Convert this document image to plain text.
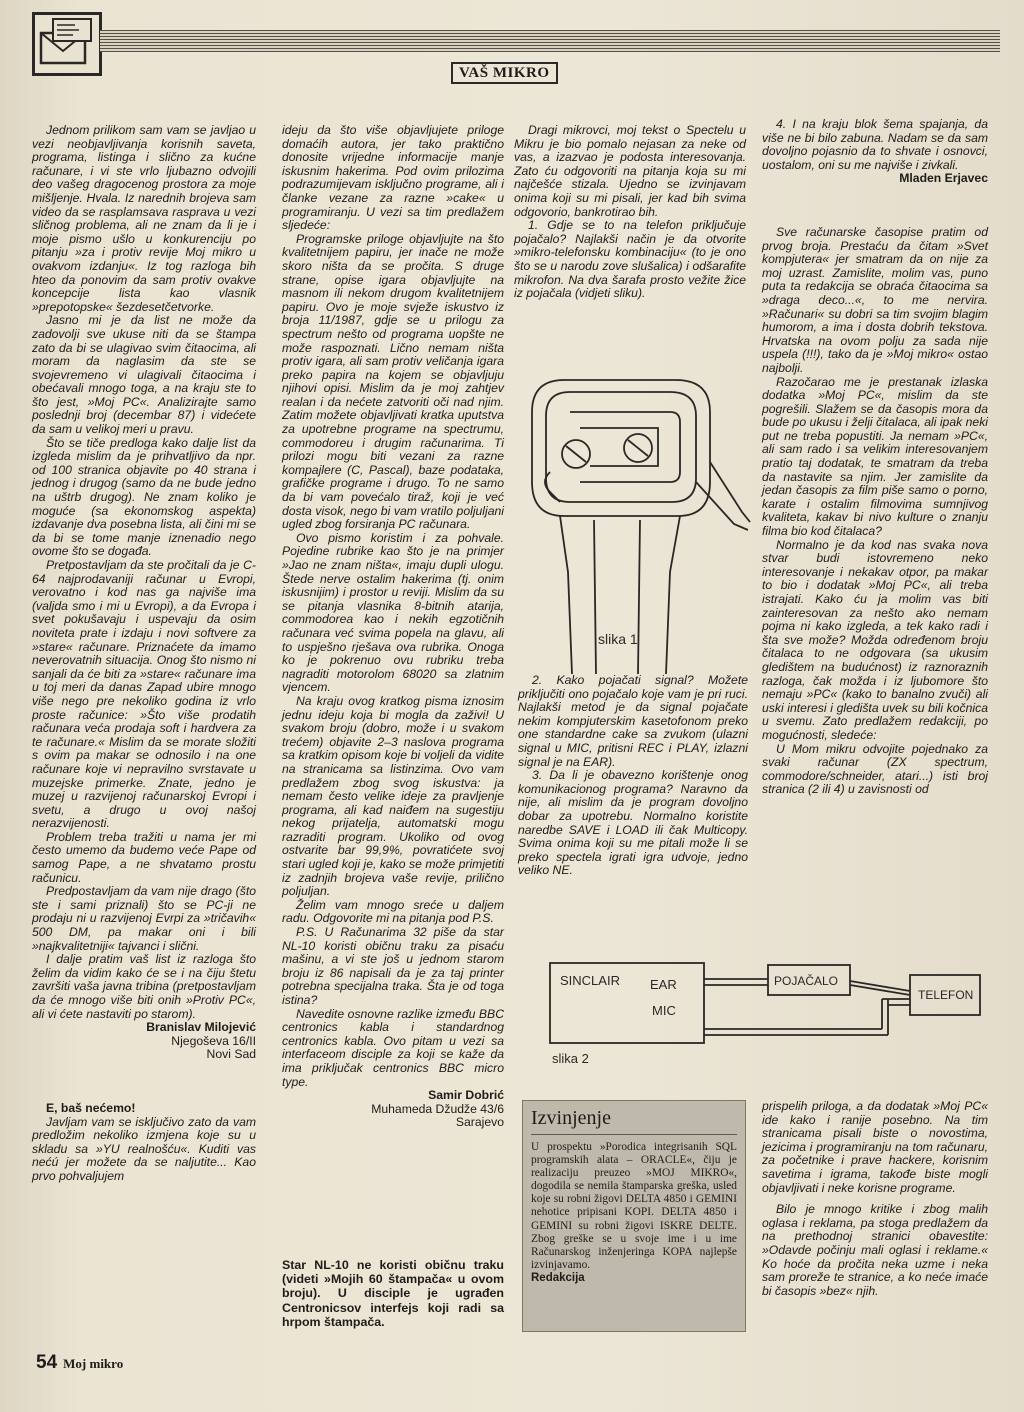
VAŠ MIKRO

Jednom prilikom sam vam se javljao u vezi neobjavljivanja korisnih saveta, programa, listinga i slično za kućne računare, i vi ste vrlo ljubazno odvojili deo vašeg dragocenog prostora za moje mišljenje. Hvala. Iz narednih brojeva sam video da se rasplamsava rasprava u vezi sličnog problema, ali ne znam da li je i moje pismo ušlo u konkurenciju po pitanju »za i protiv revije Moj mikro u ovakvom izdanju«. Iz tog razloga bih hteo da ponovim da sam protiv ovakve koncepcije lista kao vlasnik »prepotopske« šezdesetčetvorke.

Jasno mi je da list ne može da zadovolji sve ukuse niti da se štampa zato da bi se ulagivao svim čitaocima, ali moram da naglasim da ste se svojevremeno vi ulagivali čitaocima i obećavali mnogo toga, a na kraju ste to što jest, »Moj PC«. Analizirajte samo poslednji broj (decembar 87) i videćete da sam u velikoj meri u pravu.

Što se tiče predloga kako dalje list da izgleda mislim da je prihvatljivo da npr. od 100 stranica objavite po 40 strana i jednog i drugog (samo da ne bude jedno na uštrb drugog). Ne znam koliko je moguće (sa ekonomskog aspekta) izdavanje dva posebna lista, ali čini mi se da bi se tome manje iznenadio nego ovome što se događa.

Pretpostavljam da ste pročitali da je C-64 najprodavaniji računar u Evropi, verovatno i kod nas ga najviše ima (valjda smo i mi u Evropi), a da Evropa i svet pokušavaju i uspevaju da osim noviteta prate i izdaju i novi softvere za »stare« računare. Priznaćete da imamo neverovatnih situacija. Onog što nismo ni sanjali da će biti za »stare« računare ima u toj meri da danas Zapad ubire mnogo više nego pre nekoliko godina iz vrlo proste računice: »Što više prodatih računara veća prodaja soft i hardvera za te računare.« Mislim da se morate složiti s ovim pa makar se odnosilo i na one računare koje vi nepravilno svrstavate u muzejske primerke. Znate, jedno je muzej u razvijenoj računarskoj Evropi i svetu, a drugo u ovoj našoj nerazvijenosti.

Problem treba tražiti u nama jer mi često umemo da budemo veće Pape od samog Pape, a ne shvatamo prostu računicu.

Predpostavljam da vam nije drago (što ste i sami priznali) što se PC-ji ne prodaju ni u razvijenoj Evrpi za »tričavih« 500 DM, pa makar oni i bili »najkvalitetniji« tajvanci i slični.

I dalje pratim vaš list iz razloga što želim da vidim kako će se i na čiju štetu završiti vaša javna tribina (pretpostavljam da će mnogo više biti onih »Protiv PC«, ali vi ćete nastaviti po starom).

Branislav Milojević

Njegoševa 16/II

Novi Sad

E, baš nećemo!

Javljam vam se isključivo zato da vam predložim nekoliko izmjena koje su u skladu sa »YU realnošću«. Kuditi vas nećú jer možete da se naljutite... Kao prvo pohvaljujem

ideju da što više objavljujete priloge domaćih autora, jer tako praktično donosite vrijedne informacije manje iskusnim hakerima. Pod ovim prilozima podrazumijevam isključno programe, ali i članke vezane za razne »cake« u programiranju. U vezi sa tim predlažem sljedeće:

Programske priloge objavljujte na što kvalitetnijem papiru, jer inače ne može skoro ništa da se pročita. S druge strane, opise igara objavljujte na masnom ili nekom drugom kvalitetnijem papiru. Ovo je moje svježe iskustvo iz broja 11/1987, gdje se u prilogu za spectrum nešto od programa uopšte ne može raspoznati. Lično nemam ništa protiv igara, ali sam protiv veličanja igara preko papira na kojem se objavljuju njihovi opisi. Mislim da je moj zahtjev realan i da nećete zatvoriti oči nad njim. Zatim možete objavljivati kratka uputstva za upotrebne programe na spectrumu, commodoreu i drugim računarima. Ti prilozi mogu biti vezani za razne kompajlere (C, Pascal), baze podataka, grafičke programe i drugo. To ne samo da bi vam povećalo tiraž, koji je već dosta visok, nego bi vam vratilo poljuljani ugled zbog forsiranja PC računara.

Ovo pismo koristim i za pohvale. Pojedine rubrike kao što je na primjer »Jao ne znam ništa«, imaju dupli ulogu. Štede nerve ostalim hakerima (tj. onim iskusnijim) i prostor u reviji. Mislim da su se pitanja vlasnika 8-bitnih atarija, commodorea kao i nekih egzotičnih računara već svima popela na glavu, ali to uspješno rješava ova rubrika. Onoga ko je pokrenuo ovu rubriku treba nagraditi motorolom 68020 sa zlatnim vjencem.

Na kraju ovog kratkog pisma iznosim jednu ideju koja bi mogla da zaživi! U svakom broju (dobro, može i u svakom trećem) objavite 2–3 naslova programa sa kratkim opisom koje bi voljeli da vidite na stranicama sa listinzima. Ovo vam predlažem zbog svog iskustva: ja nemam često velike ideje za pravljenje programa, ali kad naiđem na sugestiju nekog prijatelja, automatski mogu razraditi program. Ukoliko od ovog ostvarite bar 99,9%, povratićete svoj stari ugled koji je, kako se može primjetiti iz zadnjih brojeva vaše revije, prilično poljuljan.

Želim vam mnogo sreće u daljem radu. Odgovorite mi na pitanja pod P.S.

P.S. U Računarima 32 piše da star NL-10 koristi običnu traku za pisaću mašinu, a vi ste još u jednom starom broju iz 86 napisali da je za taj printer potrebna specijalna traka. Šta je od toga istina?

Navedite osnovne razlike između BBC centronics kabla i standardnog centronics kabla. Ovo pitam u vezi sa interfaceom disciple za koji se kaže da ima priključak centronics BBC micro type.

Samir Dobrić

Muhameda Džudže 43/6

Sarajevo

Star NL-10 ne koristi običnu traku (videti »Mojih 60 štampača« u ovom broju). U disciple je ugrađen Centronicsov interfejs koji radi sa hrpom štampača.

Dragi mikrovci, moj tekst o Spectelu u Mikru je bio pomalo nejasan za neke od vas, a izazvao je podosta interesovanja. Zato ću odgovoriti na pitanja koja su mi najčešće stizala. Ujedno se izvinjavam onima koji su mi pisali, jer kad bih svima odgovorio, bankrotirao bih.

1. Gdje se to na telefon priključuje pojačalo? Najlakši način je da otvorite »mikro-telefonsku kombinaciju« (to je ono što se u narodu zove slušalica) i odšarafite mikrofon. Na dva šarafa prosto vežite žice iz pojačala (vidjeti sliku).

slika 1

2. Kako pojačati signal? Možete priključiti ono pojačalo koje vam je pri ruci. Najlakši metod je da signal pojačate nekim kompjuterskim kasetofonom preko one standardne cake sa zvukom (ulazni signal u MIC, pritisni REC i PLAY, izlazni signal je na EAR).

3. Da li je obavezno korištenje onog komunikacionog programa? Naravno da nije, ali mislim da je program dovoljno dobar za upotrebu. Normalno koristite naredbe SAVE i LOAD ili čak Multicopy. Svima onima koji su me pitali može li se preko spectela igrati igra udvoje, jedno veliko NE.

4. I na kraju blok šema spajanja, da više ne bi bilo zabuna. Nadam se da sam dovoljno pojasnio da to shvate i osnovci, uostalom, oni su me najviše i zivkali.

Mladen Erjavec

Sve računarske časopise pratim od prvog broja. Prestaću da čitam »Svet kompjutera« jer smatram da on nije za moj uzrast. Zamislite, molim vas, puno puta ta redakcija se obraća čitaocima sa »draga deco...«, to me nervira. »Računari« su dobri sa tim svojim blagim humorom, a ima i dosta dobrih tekstova. Hrvatska na ovom polju za sada nije uspela (!!!), tako da je »Moj mikro« ostao najbolji.

Razočarao me je prestanak izlaska dodatka »Moj PC«, mislim da ste pogrešili. Slažem se da časopis mora da bude po ukusu i želji čitalaca, ali ipak neki put ne treba popustiti. Ja nemam »PC«, ali sam rado i sa velikim interesovanjem pratio taj dodatak, te smatram da treba da nastavite sa njim. Jer zamislite da jedan časopis za film piše samo o porno, karate i ostalim filmovima sumnjivog kvaliteta, kakav bi nivo kulture o znanju filma bio kod čitalaca?

Normalno je da kod nas svaka nova stvar budi istovremeno neko interesovanje i nekakav otpor, pa makar to bio i dodatak »Moj PC«, ali treba istrajati. Kako ću ja molim vas biti zainteresovan za nešto ako nemam pojma ni kako izgleda, a tek kako radi i šta sve može? Možda određenom broju čitalaca to ne odgovara (sa ukusim gledištem na budućnost) iz raznoraznih razloga, čak možda i iz ljubomore što nemaju »PC« (kako to banalno zvuči) ali uski interesi i gledišta uvek su bili kočnica u svemu. Zato predlažem redakciji, po mogućnosti, sledeće:

U Mom mikru odvojite pojednako za svaki računar (ZX spectrum, commodore/schneider, atari...) isti broj stranica (2 ili 4) u zavisnosti od

SINCLAIR EAR
MIC
POJAČALO
TELEFON
slika 2
Izvinjenje

U prospektu »Porodica integrisanih SQL programskih alata – ORACLE«, čiju je realizaciju preuzeo »MOJ MIKRO«, dogodila se nemila štamparska greška, usled koje su robni žigovi DELTA 4850 i GEMINI nehotice pripisani KOPI. DELTA 4850 i GEMINI su robni žigovi ISKRE DELTE. Zbog greške se u svoje ime i u ime Računarskog inženjeringa KOPA najlepše izvinjavamo.

Redakcija

prispelih priloga, a da dodatak »Moj PC« ide kako i ranije posebno. Na tim stranicama pisali biste o novostima, jezicima i programiranju na tom računaru, za početnike i prave hackere, korisnim savetima i igrama, takođe biste mogli objavljivati i neke korisne programe.

Bilo je mnogo kritike i zbog malih oglasa i reklama, pa stoga predlažem da na prethodnoj stranici obavestite: »Odavde počinju mali oglasi i reklame.« Ko hoće da pročita neka uzme i neka sam proreže te stranice, a ko neće imaće bi časopis »bez« njih.

54 Moj mikro
